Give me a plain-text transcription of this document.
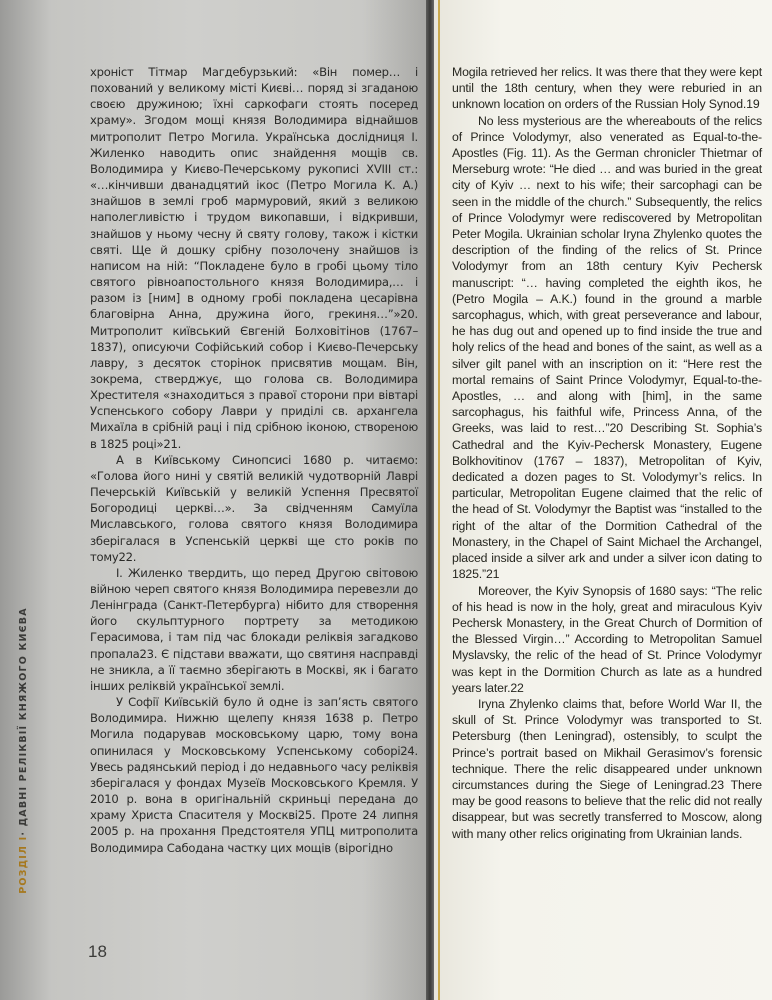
РОЗДІЛ І· ДАВНІ РЕЛІКВІЇ КНЯЖОГО КИЄВА

хроніст Тітмар Магдебурзький: «Він помер… і похований у великому місті Києві… поряд зі згаданою своєю дружиною; їхні саркофаги стоять посеред храму». Згодом мощі князя Володимира віднайшов митрополит Петро Могила. Українська дослідниця І. Жиленко наводить опис знайдення мощів св. Володимира у Києво-Печерському рукописі XVIII ст.: «…кінчивши дванадцятий ікос (Петро Могила К. А.) знайшов в землі гроб мармуровий, який з великою наполегливістю і трудом викопавши, і відкривши, знайшов у ньому чесну й святу голову, також і кістки святі. Ще й дошку срібну позолочену знайшов із написом на ній: “Покладене було в гробі цьому тіло святого рівноапостольного князя Володимира,… і разом із [ним] в одному гробі покладена цесарівна благовірна Анна, дружина його, грекиня…”»20. Митрополит київський Євгеній Болховітінов (1767–1837), описуючи Софійський собор і Києво-Печерську лавру, з десяток сторінок присвятив мощам. Він, зокрема, стверджує, що голова св. Володимира Хрестителя «знаходиться з правої сторони при вівтарі Успенського собору Лаври у приділі св. архангела Михаїла в срібній раці і під срібною іконою, створеною в 1825 році»21.

А в Київському Синопсисі 1680 р. читаємо: «Голова його нині у святій великій чудотворній Лаврі Печерській Київській у великій Успення Пресвятої Богородиці церкві…». За свідченням Самуїла Миславського, голова святого князя Володимира зберігалася в Успенській церкві ще сто років по тому22.

І. Жиленко твердить, що перед Другою світовою війною череп святого князя Володимира перевезли до Ленінграда (Санкт-Петербурга) нібито для створення його скульптурного портрету за методикою Герасимова, і там під час блокади реліквія загадково пропала23. Є підстави вважати, що святиня насправді не зникла, а її таємно зберігають в Москві, як і багато інших реліквій української землі.

У Софії Київській було й одне із зап’ясть святого Володимира. Нижню щелепу князя 1638 р. Петро Могила подарував московському царю, тому вона опинилася у Московському Успенському соборі24. Увесь радянський період і до недавнього часу реліквія зберігалася у фондах Музеїв Московського Кремля. У 2010 р. вона в оригінальній скриньці передана до храму Христа Спасителя у Москві25. Проте 24 липня 2005 р. на прохання Предстоятеля УПЦ митрополита Володимира Сабодана частку цих мощів (вірогідно

Mogila retrieved her relics. It was there that they were kept until the 18th century, when they were reburied in an unknown location on orders of the Russian Holy Synod.19

No less mysterious are the whereabouts of the relics of Prince Volodymyr, also venerated as Equal-to-the-Apostles (Fig. 11). As the German chronicler Thietmar of Merseburg wrote: “He died … and was buried in the great city of Kyiv … next to his wife; their sarcophagi can be seen in the middle of the church.” Subsequently, the relics of Prince Volodymyr were rediscovered by Metropolitan Peter Mogila. Ukrainian scholar Iryna Zhylenko quotes the description of the finding of the relics of St. Prince Volodymyr from an 18th century Kyiv Pechersk manuscript: “… having completed the eighth ikos, he (Petro Mogila – A.K.) found in the ground a marble sarcophagus, which, with great perseverance and labour, he has dug out and opened up to find inside the true and holy relics of the head and bones of the saint, as well as a silver gilt panel with an inscription on it: “Here rest the mortal remains of Saint Prince Volodymyr, Equal-to-the-Apostles, … and along with [him], in the same sarcophagus, his faithful wife, Princess Anna, of the Greeks, was laid to rest…”20 Describing St. Sophia’s Cathedral and the Kyiv-Pechersk Monastery, Eugene Bolkhovitinov (1767 – 1837), Metropolitan of Kyiv, dedicated a dozen pages to St. Volodymyr’s relics. In particular, Metropolitan Eugene claimed that the relic of the head of St. Volodymyr the Baptist was “installed to the right of the altar of the Dormition Cathedral of the Monastery, in the Chapel of Saint Michael the Archangel, placed inside a silver ark and under a silver icon dating to 1825.”21

Moreover, the Kyiv Synopsis of 1680 says: “The relic of his head is now in the holy, great and miraculous Kyiv Pechersk Monastery, in the Great Church of Dormition of the Blessed Virgin…” According to Metropolitan Samuel Myslavsky, the relic of the head of St. Prince Volodymyr was kept in the Dormition Church as late as a hundred years later.22

Iryna Zhylenko claims that, before World War II, the skull of St. Prince Volodymyr was transported to St. Petersburg (then Leningrad), ostensibly, to sculpt the Prince’s portrait based on Mikhail Gerasimov’s forensic technique. There the relic disappeared under unknown circumstances during the Siege of Leningrad.23 There may be good reasons to believe that the relic did not really disappear, but was secretly transferred to Moscow, along with many other relics originating from Ukrainian lands.

18
